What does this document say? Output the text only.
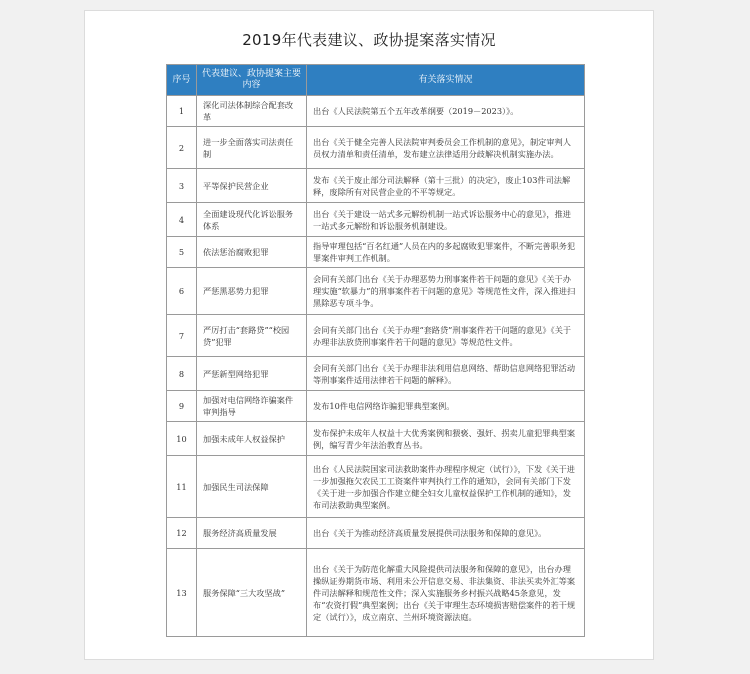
2019年代表建议、政协提案落实情况
序号	代表建议、政协提案主要内容	有关落实情况
1	深化司法体制综合配套改革	出台《人民法院第五个五年改革纲要（2019－2023）》。
2	进一步全面落实司法责任制	出台《关于健全完善人民法院审判委员会工作机制的意见》，制定审判人员权力清单和责任清单，发布建立法律适用分歧解决机制实施办法。
3	平等保护民营企业	发布《关于废止部分司法解释（第十三批）的决定》，废止103件司法解释，废除所有对民营企业的不平等规定。
4	全面建设现代化诉讼服务体系	出台《关于建设一站式多元解纷机制一站式诉讼服务中心的意见》，推进一站式多元解纷和诉讼服务机制建设。
5	依法惩治腐败犯罪	指导审理包括“百名红通”人员在内的多起腐败犯罪案件，不断完善职务犯罪案件审判工作机制。
6	严惩黑恶势力犯罪	会同有关部门出台《关于办理恶势力刑事案件若干问题的意见》《关于办理实施“软暴力”的刑事案件若干问题的意见》等规范性文件，深入推进扫黑除恶专项斗争。
7	严厉打击“套路贷”“校园贷”犯罪	会同有关部门出台《关于办理“套路贷”刑事案件若干问题的意见》《关于办理非法放贷刑事案件若干问题的意见》等规范性文件。
8	严惩新型网络犯罪	会同有关部门出台《关于办理非法利用信息网络、帮助信息网络犯罪活动等刑事案件适用法律若干问题的解释》。
9	加强对电信网络诈骗案件审判指导	发布10件电信网络诈骗犯罪典型案例。
10	加强未成年人权益保护	发布保护未成年人权益十大优秀案例和猥亵、强奸、拐卖儿童犯罪典型案例，编写青少年法治教育丛书。
11	加强民生司法保障	出台《人民法院国家司法救助案件办理程序规定（试行）》，下发《关于进一步加强拖欠农民工工资案件审判执行工作的通知》，会同有关部门下发《关于进一步加强合作建立健全妇女儿童权益保护工作机制的通知》，发布司法救助典型案例。
12	服务经济高质量发展	出台《关于为推动经济高质量发展提供司法服务和保障的意见》。
13	服务保障“三大攻坚战”	出台《关于为防范化解重大风险提供司法服务和保障的意见》，出台办理操纵证券期货市场、利用未公开信息交易、非法集资、非法买卖外汇等案件司法解释和规范性文件；深入实施服务乡村振兴战略45条意见，发布“农资打假”典型案例；出台《关于审理生态环境损害赔偿案件的若干规定（试行）》，成立南京、兰州环境资源法庭。
